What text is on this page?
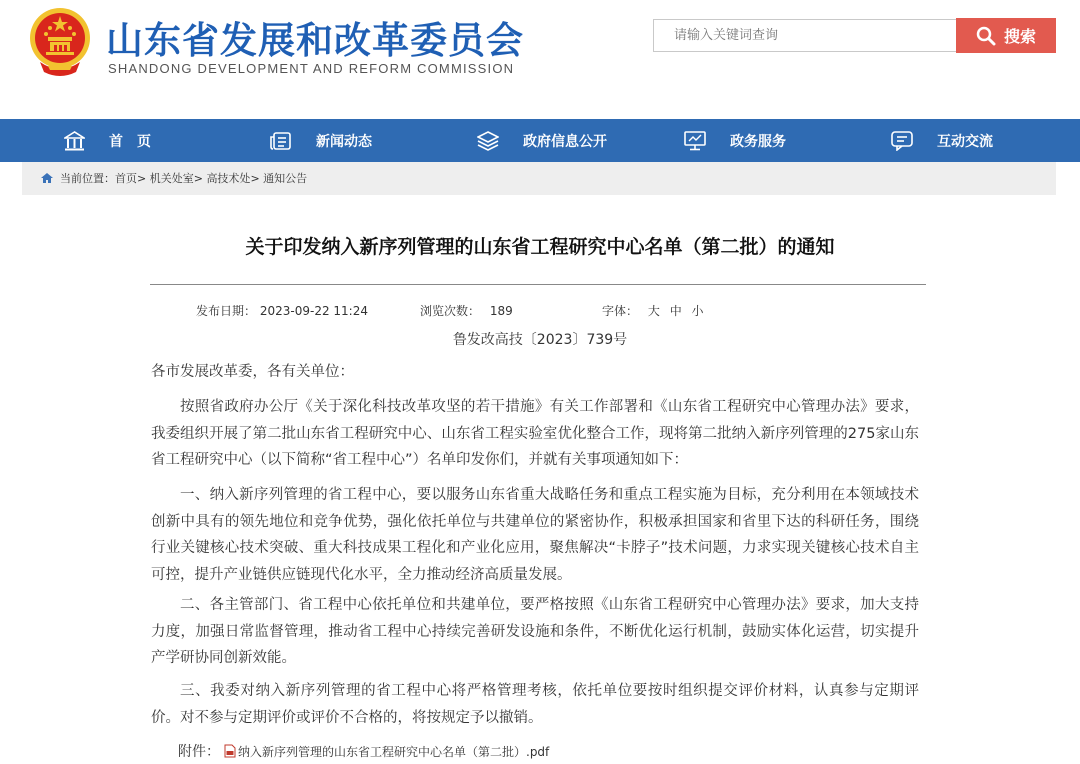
山东省发展和改革委员会
SHANDONG DEVELOPMENT AND REFORM COMMISSION
请输入关键词查询	搜索
首　页	新闻动态	政府信息公开	政务服务	互动交流
当前位置：首页> 机关处室> 高技术处> 通知公告
关于印发纳入新序列管理的山东省工程研究中心名单（第二批）的通知
发布日期： 2023-09-22 11:24	浏览次数： 189	字体： 大 中 小
鲁发改高技〔2023〕739号

各市发展改革委，各有关单位：

按照省政府办公厅《关于深化科技改革攻坚的若干措施》有关工作部署和《山东省工程研究中心管理办法》要求，我委组织开展了第二批山东省工程研究中心、山东省工程实验室优化整合工作，现将第二批纳入新序列管理的275家山东省工程研究中心（以下简称“省工程中心”）名单印发你们，并就有关事项通知如下：

一、纳入新序列管理的省工程中心，要以服务山东省重大战略任务和重点工程实施为目标，充分利用在本领域技术创新中具有的领先地位和竞争优势，强化依托单位与共建单位的紧密协作，积极承担国家和省里下达的科研任务，围绕行业关键核心技术突破、重大科技成果工程化和产业化应用，聚焦解决“卡脖子”技术问题，力求实现关键核心技术自主可控，提升产业链供应链现代化水平，全力推动经济高质量发展。

二、各主管部门、省工程中心依托单位和共建单位，要严格按照《山东省工程研究中心管理办法》要求，加大支持力度，加强日常监督管理，推动省工程中心持续完善研发设施和条件，不断优化运行机制，鼓励实体化运营，切实提升产学研协同创新效能。

三、我委对纳入新序列管理的省工程中心将严格管理考核，依托单位要按时组织提交评价材料，认真参与定期评价。对不参与定期评价或评价不合格的，将按规定予以撤销。

附件： 纳入新序列管理的山东省工程研究中心名单（第二批）.pdf
